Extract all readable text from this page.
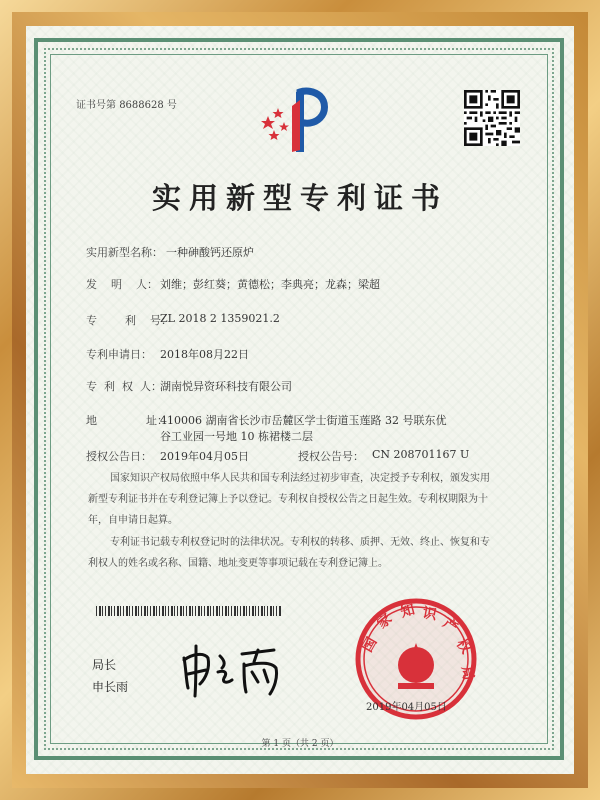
证书号第 8688628 号
实用新型专利证书
实用新型名称： 一种砷酸钙还原炉
发    明    人： 刘维；彭红葵；黄德松；李典亮；龙森；梁超
专        利    号：
ZL 2018 2 1359021.2
专利申请日： 2018年08月22日
专  利  权  人：
湖南悦异资环科技有限公司
地              址：
410006 湖南省长沙市岳麓区学士街道玉莲路 32 号联东优
谷工业园一号地 10 栋裙楼二层
授权公告日： 2019年04月05日	授权公告号： CN 208701167 U
国家知识产权局依照中华人民共和国专利法经过初步审查，决定授予专利权，颁发实用
新型专利证书并在专利登记簿上予以登记。专利权自授权公告之日起生效。专利权期限为十
年，自申请日起算。
专利证书记载专利权登记时的法律状况。专利权的转移、质押、无效、终止、恢复和专
利权人的姓名或名称、国籍、地址变更等事项记载在专利登记簿上。
局长
申长雨
国
家 知 识
产
权
局
2019年04月05日
第 1 页（共 2 页）
